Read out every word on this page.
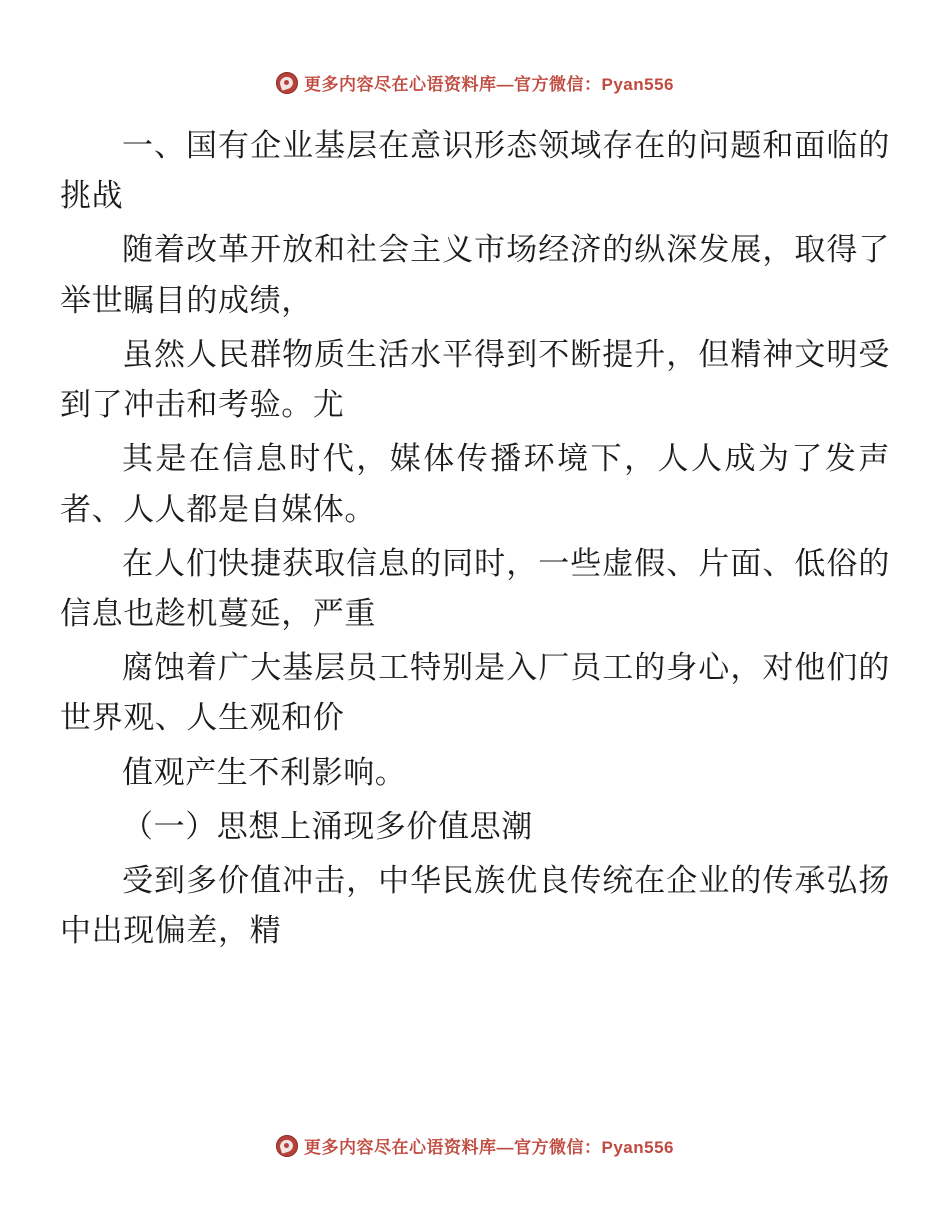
更多内容尽在心语资料库—官方微信：Pyan556

一、国有企业基层在意识形态领域存在的问题和面临的挑战

随着改革开放和社会主义市场经济的纵深发展，取得了举世瞩目的成绩，

虽然人民群物质生活水平得到不断提升，但精神文明受到了冲击和考验。尤

其是在信息时代，媒体传播环境下，人人成为了发声者、人人都是自媒体。

在人们快捷获取信息的同时，一些虚假、片面、低俗的信息也趁机蔓延，严重

腐蚀着广大基层员工特别是入厂员工的身心，对他们的世界观、人生观和价

值观产生不利影响。

（一）思想上涌现多价值思潮

受到多价值冲击，中华民族优良传统在企业的传承弘扬中出现偏差，精

更多内容尽在心语资料库—官方微信：Pyan556
